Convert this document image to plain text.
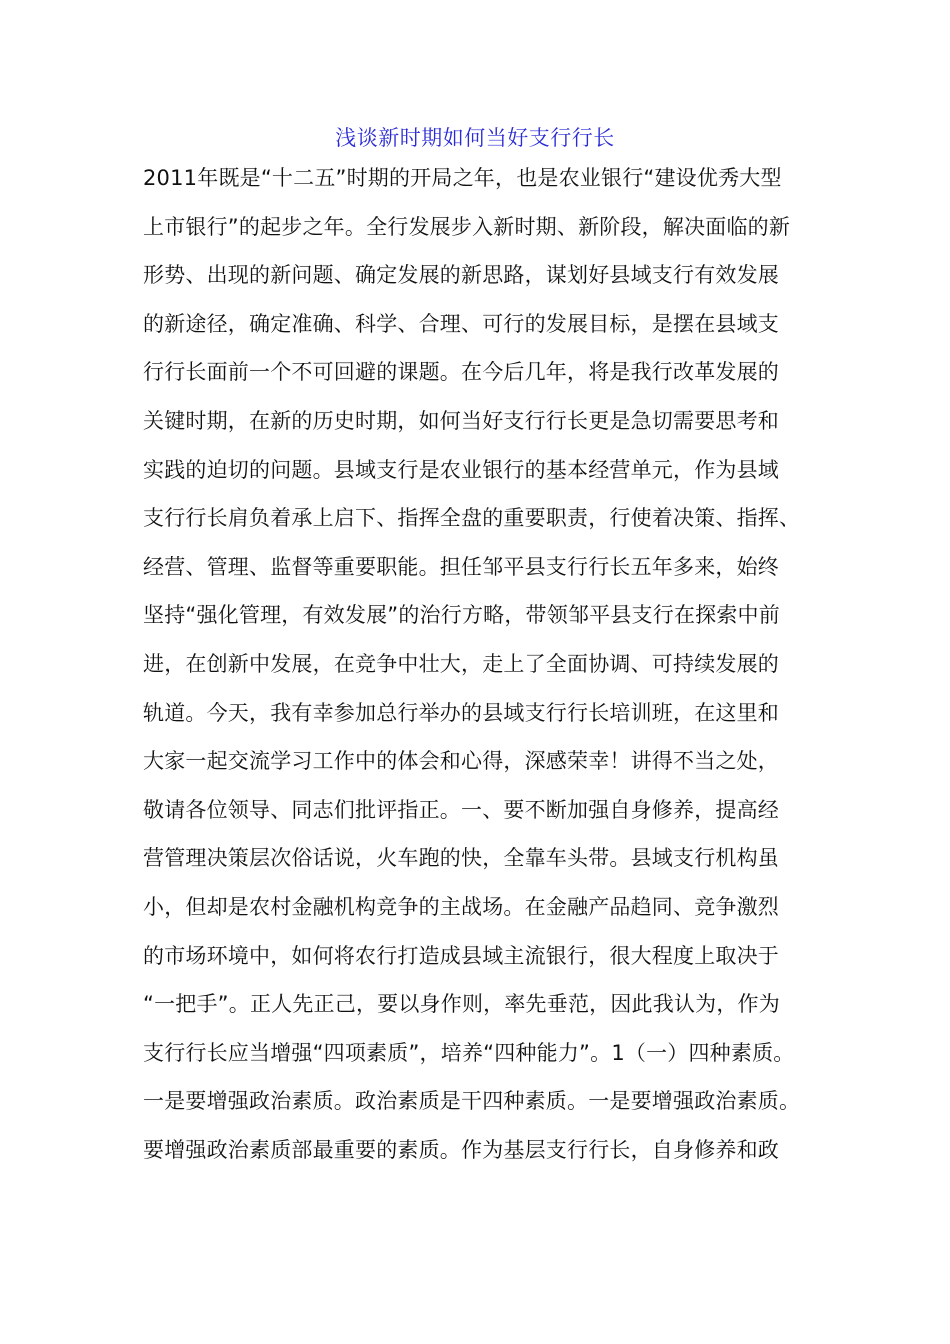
浅谈新时期如何当好支行行长
2011年既是“十二五”时期的开局之年，也是农业银行“建设优秀大型
上市银行”的起步之年。全行发展步入新时期、新阶段，解决面临的新
形势、出现的新问题、确定发展的新思路，谋划好县域支行有效发展
的新途径，确定准确、科学、合理、可行的发展目标，是摆在县域支
行行长面前一个不可回避的课题。在今后几年，将是我行改革发展的
关键时期，在新的历史时期，如何当好支行行长更是急切需要思考和
实践的迫切的问题。县域支行是农业银行的基本经营单元，作为县域
支行行长肩负着承上启下、指挥全盘的重要职责，行使着决策、指挥、
经营、管理、监督等重要职能。担任邹平县支行行长五年多来，始终
坚持“强化管理，有效发展”的治行方略，带领邹平县支行在探索中前
进，在创新中发展，在竞争中壮大，走上了全面协调、可持续发展的
轨道。今天，我有幸参加总行举办的县域支行行长培训班，在这里和
大家一起交流学习工作中的体会和心得，深感荣幸！讲得不当之处，
敬请各位领导、同志们批评指正。一、要不断加强自身修养，提高经
营管理决策层次俗话说，火车跑的快，全靠车头带。县域支行机构虽
小，但却是农村金融机构竞争的主战场。在金融产品趋同、竞争激烈
的市场环境中，如何将农行打造成县域主流银行，很大程度上取决于
“一把手”。正人先正己，要以身作则，率先垂范，因此我认为，作为
支行行长应当增强“四项素质”，培养“四种能力”。1（一）四种素质。
一是要增强政治素质。政治素质是干四种素质。一是要增强政治素质。
要增强政治素质部最重要的素质。作为基层支行行长，自身修养和政
